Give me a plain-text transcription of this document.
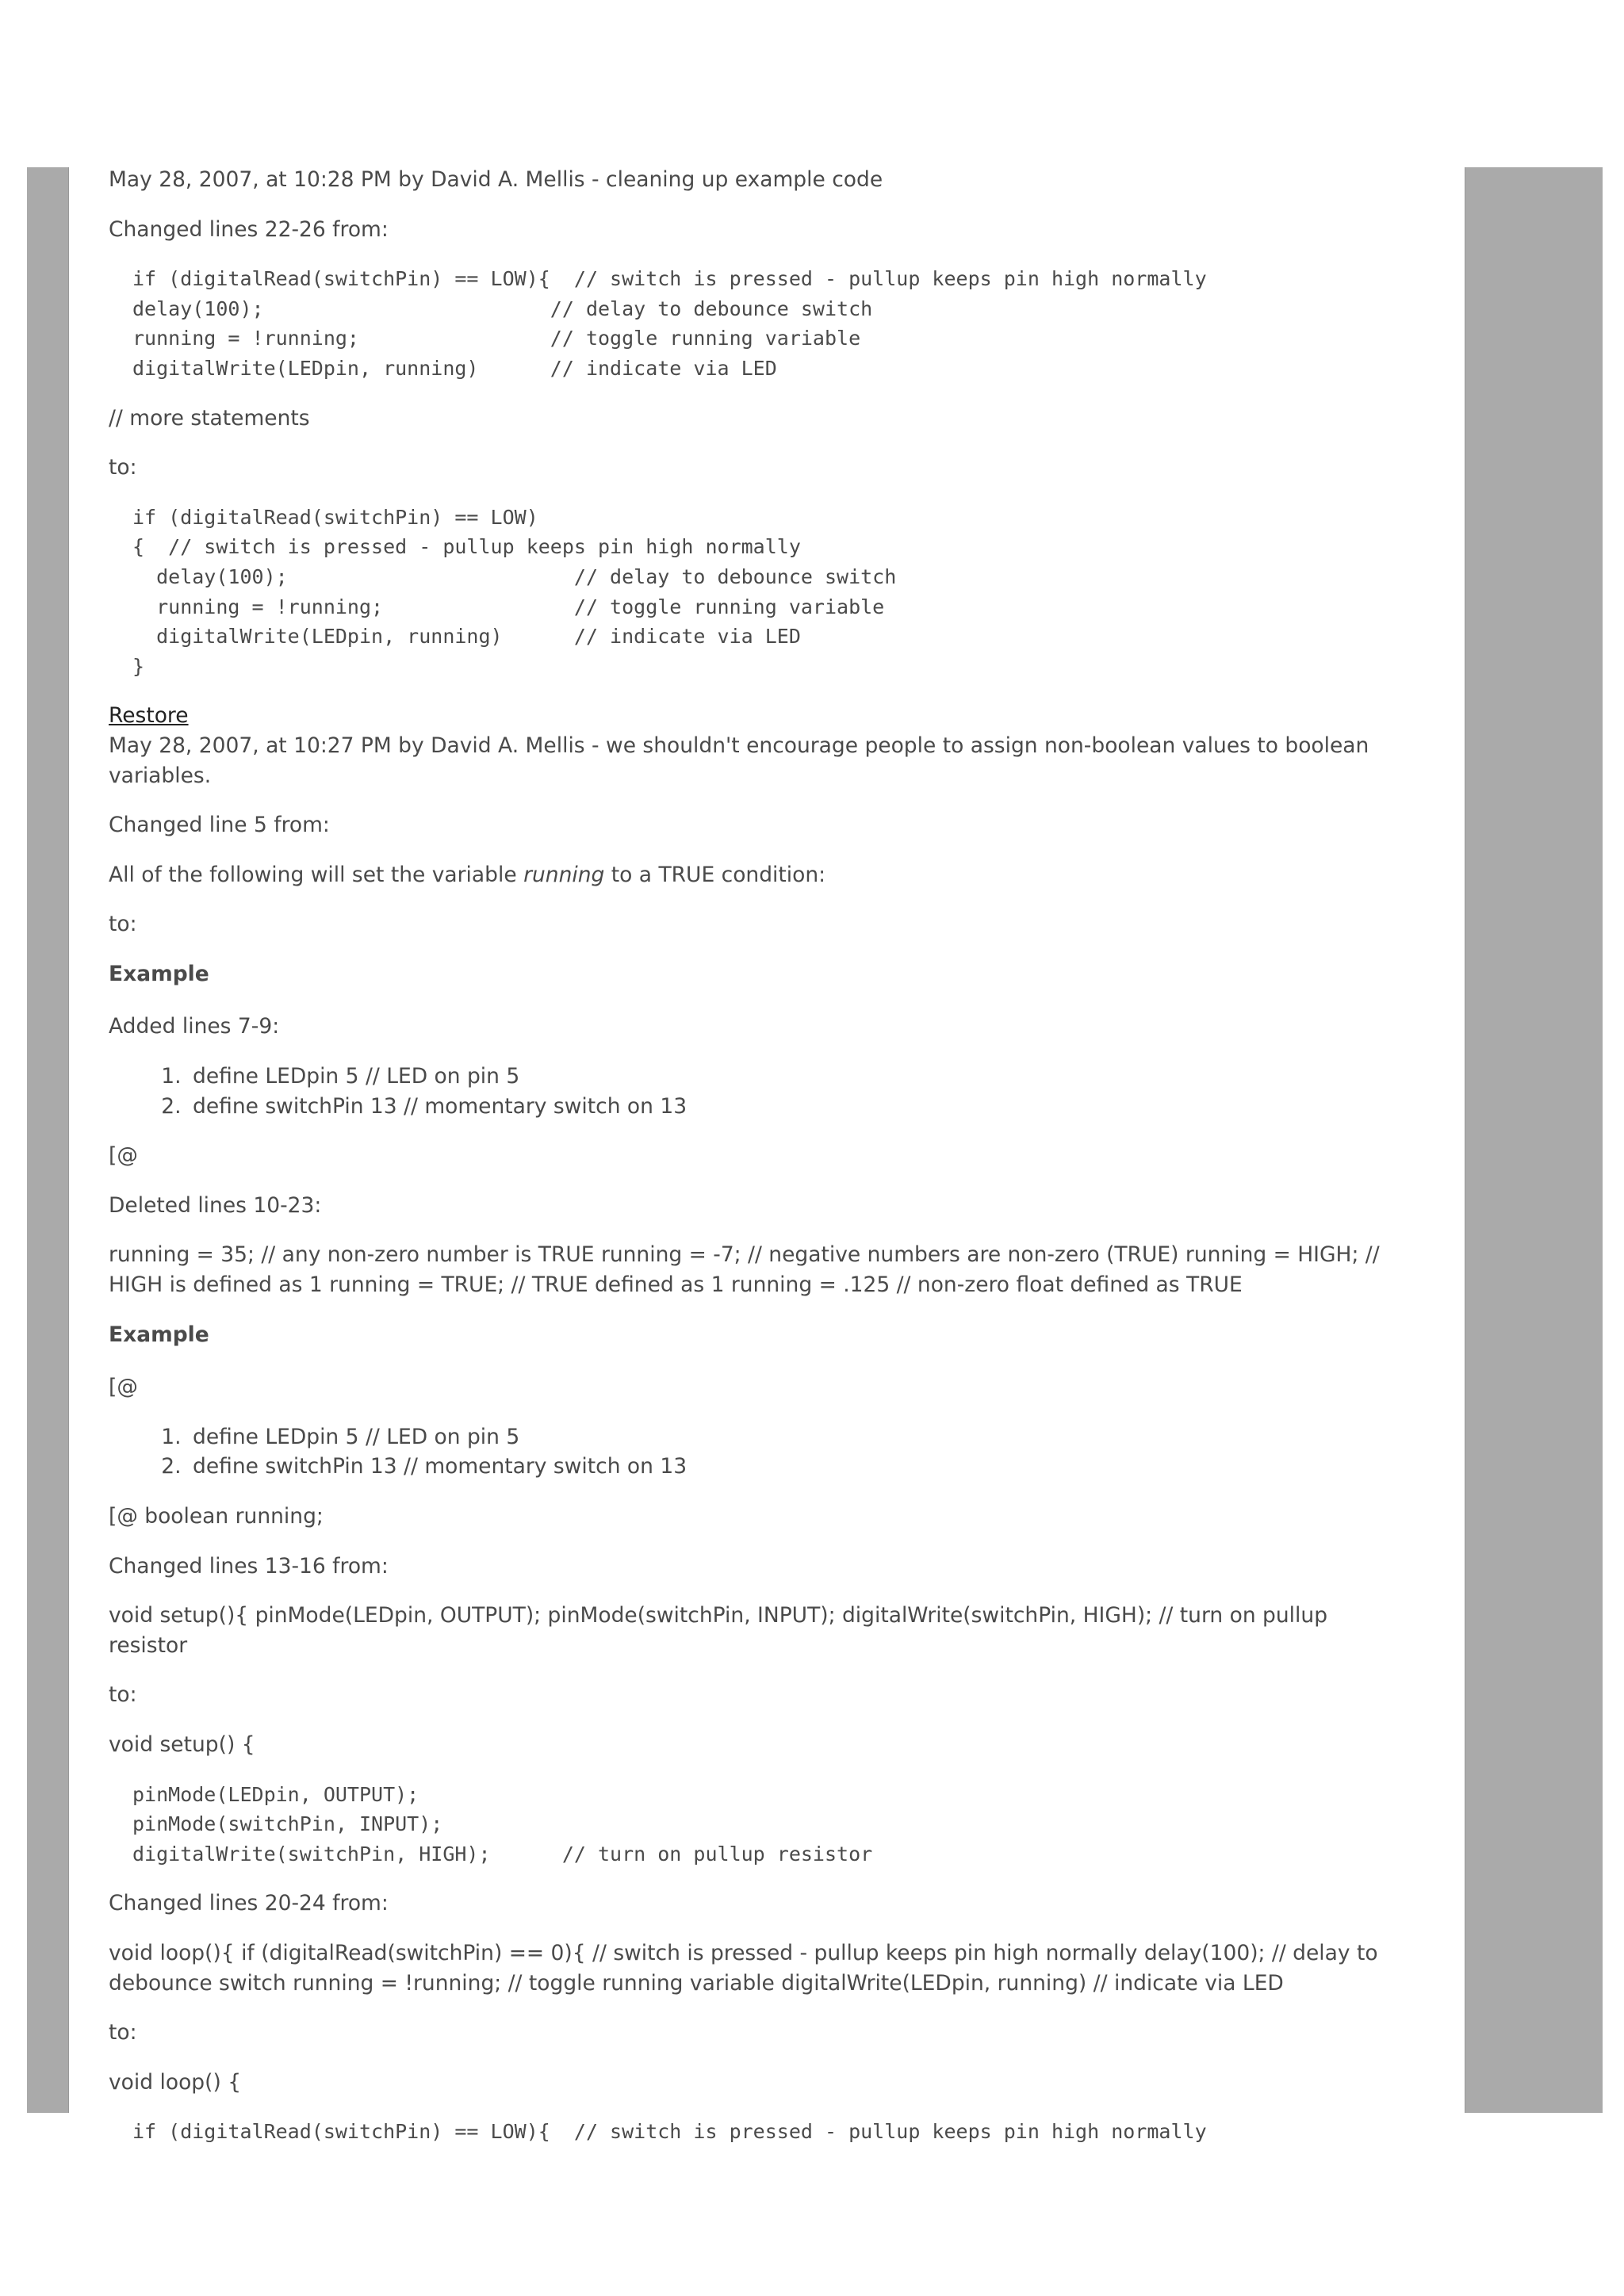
May 28, 2007, at 10:28 PM by David A. Mellis - cleaning up example code

Changed lines 22-26 from:

if (digitalRead(switchPin) == LOW){  // switch is pressed - pullup keeps pin high normally
delay(100);                        // delay to debounce switch
running = !running;                // toggle running variable
digitalWrite(LEDpin, running)      // indicate via LED

// more statements

to:

if (digitalRead(switchPin) == LOW)
{  // switch is pressed - pullup keeps pin high normally
delay(100);                        // delay to debounce switch
running = !running;                // toggle running variable
digitalWrite(LEDpin, running)      // indicate via LED
}

Restore

May 28, 2007, at 10:27 PM by David A. Mellis - we shouldn't encourage people to assign non-boolean values to boolean variables.

Changed line 5 from:

All of the following will set the variable running to a TRUE condition:

to:

Example

Added lines 7-9:

1. define LEDpin 5 // LED on pin 5
2. define switchPin 13 // momentary switch on 13

[@

Deleted lines 10-23:

running = 35; // any non-zero number is TRUE running = -7; // negative numbers are non-zero (TRUE) running = HIGH; // HIGH is defined as 1 running = TRUE; // TRUE defined as 1 running = .125 // non-zero float defined as TRUE

Example

[@

1. define LEDpin 5 // LED on pin 5
2. define switchPin 13 // momentary switch on 13

[@ boolean running;

Changed lines 13-16 from:

void setup(){ pinMode(LEDpin, OUTPUT); pinMode(switchPin, INPUT); digitalWrite(switchPin, HIGH); // turn on pullup resistor

to:

void setup() {

pinMode(LEDpin, OUTPUT);
pinMode(switchPin, INPUT);
digitalWrite(switchPin, HIGH);      // turn on pullup resistor

Changed lines 20-24 from:

void loop(){ if (digitalRead(switchPin) == 0){ // switch is pressed - pullup keeps pin high normally delay(100); // delay to debounce switch running = !running; // toggle running variable digitalWrite(LEDpin, running) // indicate via LED

to:

void loop() {

if (digitalRead(switchPin) == LOW){  // switch is pressed - pullup keeps pin high normally
